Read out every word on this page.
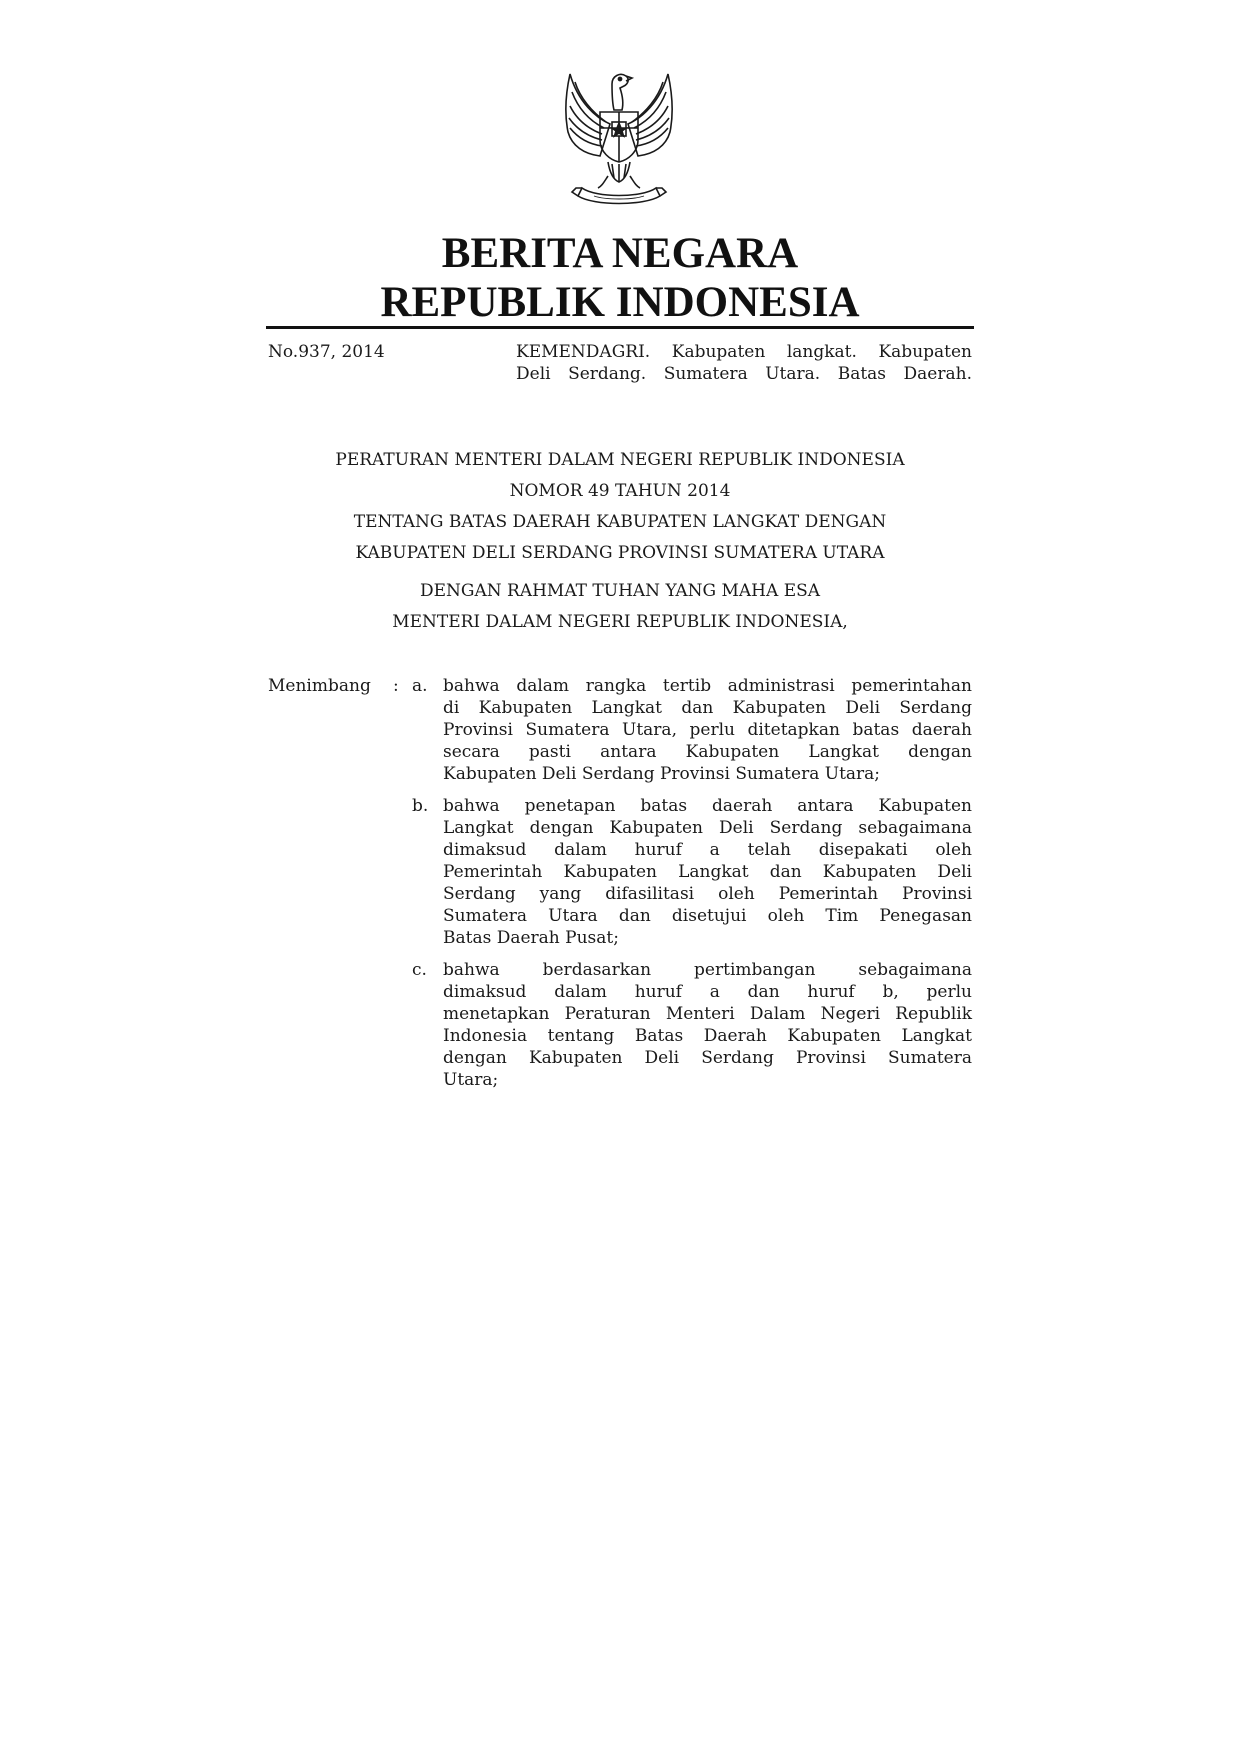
BERITA NEGARA
REPUBLIK INDONESIA
No.937, 2014	KEMENDAGRI. Kabupaten langkat. Kabupaten
Deli Serdang. Sumatera Utara. Batas Daerah.
PERATURAN MENTERI DALAM NEGERI REPUBLIK INDONESIA
NOMOR 49 TAHUN 2014
TENTANG BATAS DAERAH KABUPATEN LANGKAT DENGAN
KABUPATEN DELI SERDANG PROVINSI SUMATERA UTARA
DENGAN RAHMAT TUHAN YANG MAHA ESA
MENTERI DALAM NEGERI REPUBLIK INDONESIA,
Menimbang : a. bahwa dalam rangka tertib administrasi pemerintahan
di Kabupaten Langkat dan Kabupaten Deli Serdang
Provinsi Sumatera Utara, perlu ditetapkan batas daerah
secara pasti antara Kabupaten Langkat dengan
Kabupaten Deli Serdang Provinsi Sumatera Utara;
b. bahwa penetapan batas daerah antara Kabupaten
Langkat dengan Kabupaten Deli Serdang sebagaimana
dimaksud dalam huruf a telah disepakati oleh
Pemerintah Kabupaten Langkat dan Kabupaten Deli
Serdang yang difasilitasi oleh Pemerintah Provinsi
Sumatera Utara dan disetujui oleh Tim Penegasan
Batas Daerah Pusat;
c. bahwa berdasarkan pertimbangan sebagaimana
dimaksud dalam huruf a dan huruf b, perlu
menetapkan Peraturan Menteri Dalam Negeri Republik
Indonesia tentang Batas Daerah Kabupaten Langkat
dengan Kabupaten Deli Serdang Provinsi Sumatera
Utara;
